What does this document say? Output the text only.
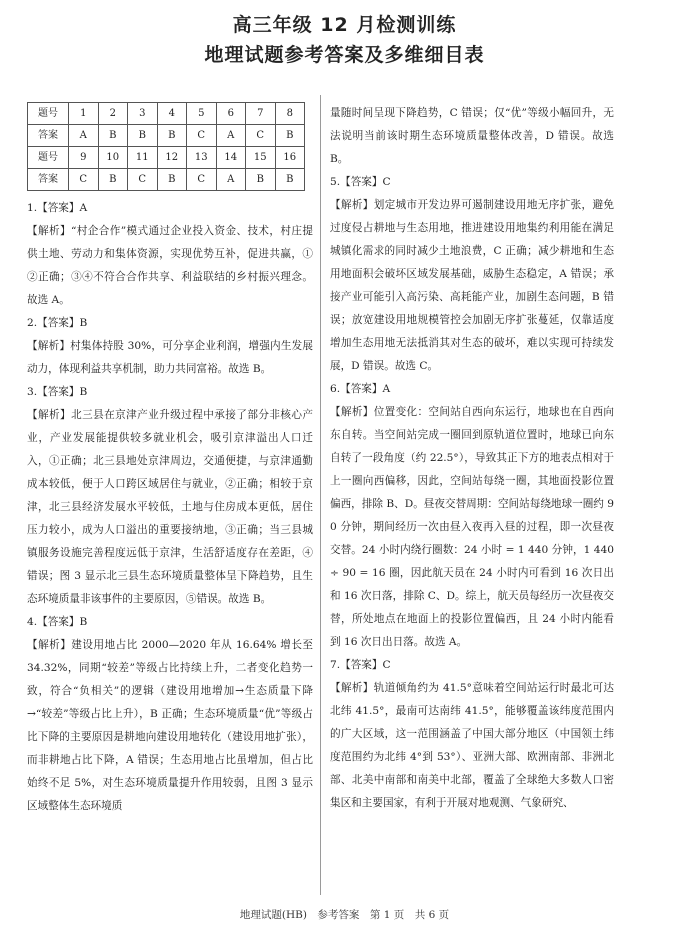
高三年级 12 月检测训练
地理试题参考答案及多维细目表
题号	1	2	3	4	5	6	7	8
答案	A	B	B	B	C	A	C	B
题号	9	10	11	12	13	14	15	16
答案	C	B	C	B	C	A	B	B
1.【答案】A
【解析】“村企合作”模式通过企业投入资金、技术，村庄提供土地、劳动力和集体资源，实现优势互补，促进共赢，①②正确；③④不符合合作共享、利益联结的乡村振兴理念。故选 A。
2.【答案】B
【解析】村集体持股 30%，可分享企业利润，增强内生发展动力，体现利益共享机制，助力共同富裕。故选 B。
3.【答案】B
【解析】北三县在京津产业升级过程中承接了部分非核心产业，产业发展能提供较多就业机会，吸引京津溢出人口迁入，①正确；北三县地处京津周边，交通便捷，与京津通勤成本较低，便于人口跨区域居住与就业，②正确；相较于京津，北三县经济发展水平较低，土地与住房成本更低，居住压力较小，成为人口溢出的重要接纳地，③正确；当三县城镇服务设施完善程度远低于京津，生活舒适度存在差距，④错误；图 3 显示北三县生态环境质量整体呈下降趋势，且生态环境质量非该事件的主要原因，⑤错误。故选 B。
4.【答案】B
【解析】建设用地占比 2000—2020 年从 16.64% 增长至 34.32%，同期“较差”等级占比持续上升，二者变化趋势一致，符合“负相关”的逻辑（建设用地增加→生态质量下降→“较差”等级占比上升），B 正确；生态环境质量“优”等级占比下降的主要原因是耕地向建设用地转化（建设用地扩张），而非耕地占比下降，A 错误；生态用地占比虽增加，但占比始终不足 5%，对生态环境质量提升作用较弱，且图 3 显示区域整体生态环境质
量随时间呈现下降趋势，C 错误；仅“优”等级小幅回升，无法说明当前该时期生态环境质量整体改善，D 错误。故选 B。
5.【答案】C
【解析】划定城市开发边界可遏制建设用地无序扩张，避免过度侵占耕地与生态用地，推进建设用地集约利用能在满足城镇化需求的同时减少土地浪费，C 正确；减少耕地和生态用地面积会破坏区域发展基础，威胁生态稳定，A 错误；承接产业可能引入高污染、高耗能产业，加剧生态问题，B 错误；放宽建设用地规模管控会加剧无序扩张蔓延，仅靠适度增加生态用地无法抵消其对生态的破坏，难以实现可持续发展，D 错误。故选 C。
6.【答案】A
【解析】位置变化：空间站自西向东运行，地球也在自西向东自转。当空间站完成一圈回到原轨道位置时，地球已向东自转了一段角度（约 22.5°），导致其正下方的地表点相对于上一圈向西偏移，因此，空间站每绕一圈，其地面投影位置偏西，排除 B、D。昼夜交替周期：空间站每绕地球一圈约 90 分钟，期间经历一次由昼入夜再入昼的过程，即一次昼夜交替。24 小时内绕行圈数：24 小时 = 1 440 分钟，1 440 ÷ 90 = 16 圈，因此航天员在 24 小时内可看到 16 次日出和 16 次日落，排除 C、D。综上，航天员每经历一次昼夜交替，所处地点在地面上的投影位置偏西，且 24 小时内能看到 16 次日出日落。故选 A。
7.【答案】C
【解析】轨道倾角约为 41.5°意味着空间站运行时最北可达北纬 41.5°，最南可达南纬 41.5°，能够覆盖该纬度范围内的广大区域，这一范围涵盖了中国大部分地区（中国领土纬度范围约为北纬 4°到 53°）、亚洲大部、欧洲南部、非洲北部、北美中南部和南美中北部，覆盖了全球绝大多数人口密集区和主要国家，有利于开展对地观测、气象研究、
地理试题(HB)　参考答案　第 1 页　共 6 页
